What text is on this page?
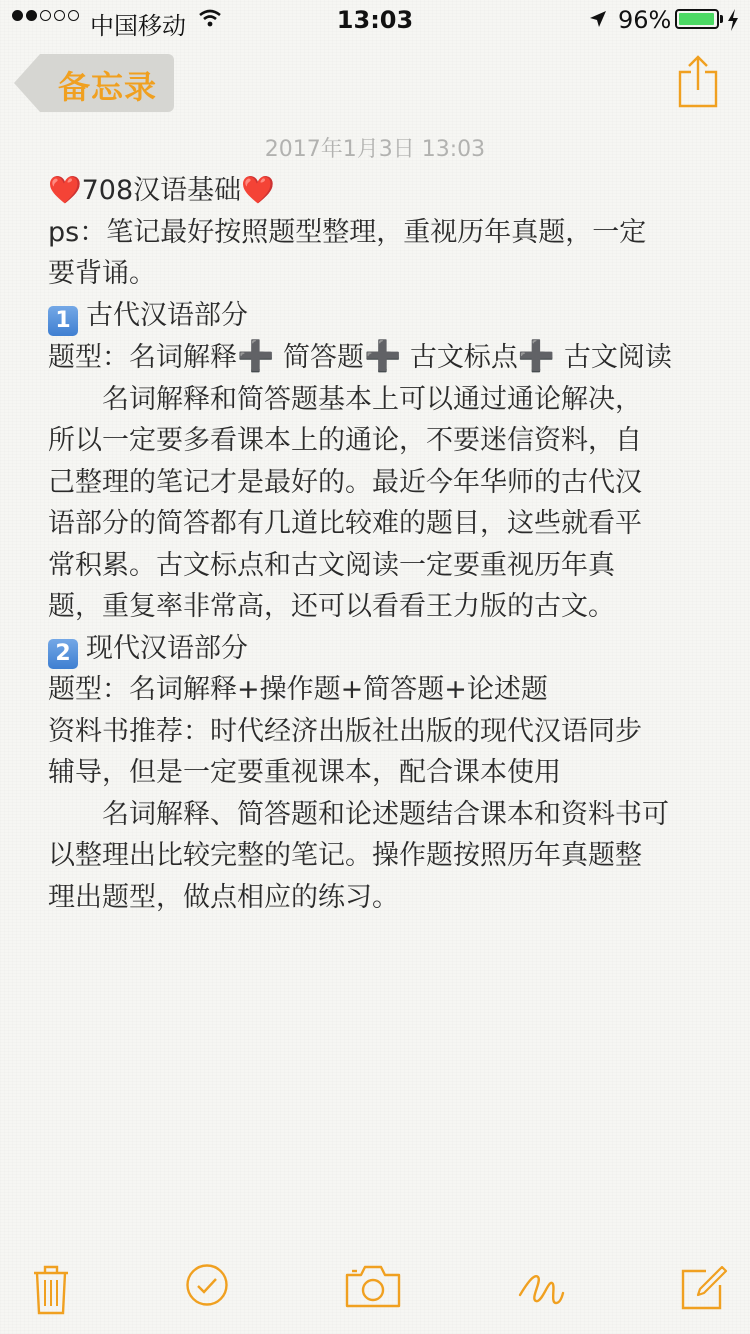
中国移动	13:03	96%
备忘录
2017年1月3日 13:03

❤️708汉语基础❤️

ps：笔记最好按照题型整理，重视历年真题，一定

要背诵。

1 古代汉语部分

题型：名词解释➕ 简答题➕ 古文标点➕ 古文阅读

　　名词解释和简答题基本上可以通过通论解决，

所以一定要多看课本上的通论，不要迷信资料，自

己整理的笔记才是最好的。最近今年华师的古代汉

语部分的简答都有几道比较难的题目，这些就看平

常积累。古文标点和古文阅读一定要重视历年真

题，重复率非常高，还可以看看王力版的古文。

2 现代汉语部分

题型：名词解释+操作题+简答题+论述题

资料书推荐：时代经济出版社出版的现代汉语同步

辅导，但是一定要重视课本，配合课本使用

　　名词解释、简答题和论述题结合课本和资料书可

以整理出比较完整的笔记。操作题按照历年真题整

理出题型，做点相应的练习。
